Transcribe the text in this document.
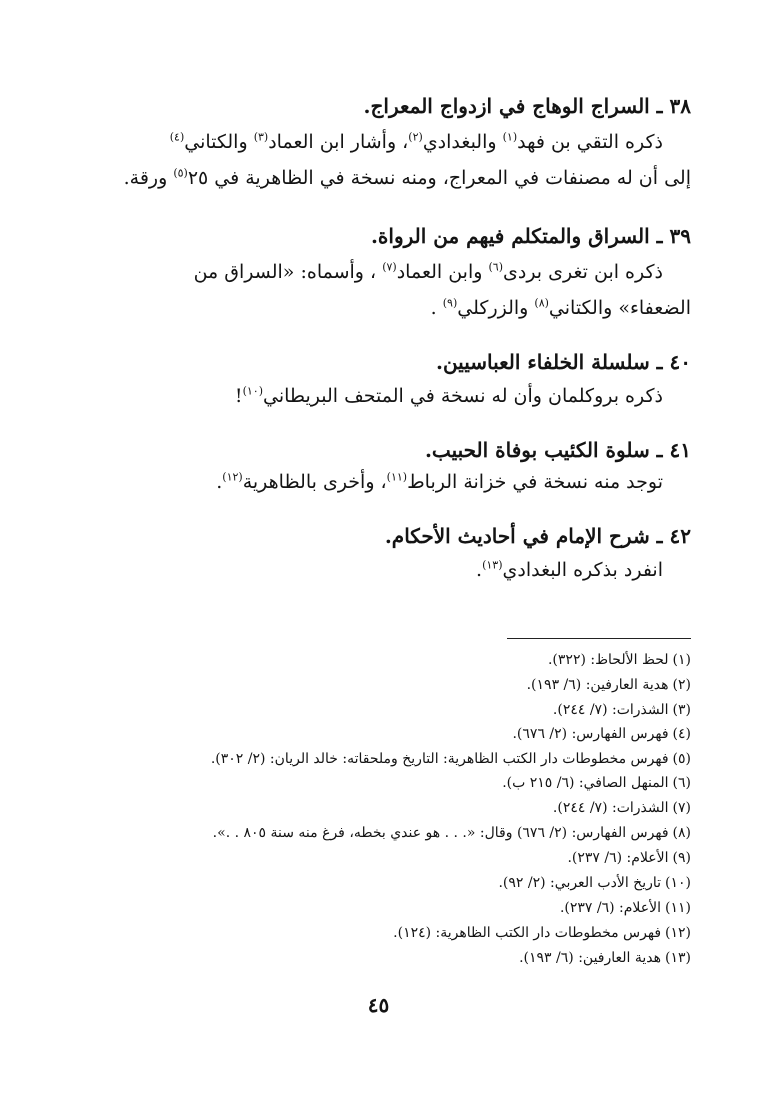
٣٨ ـ السراج الوهاج في ازدواج المعراج.
ذكره التقي بن فهد$^{(١)}$ والبغدادي$^{(٢)}$، وأشار ابن العماد$^{(٣)}$ والكتاني$^{(٤)}$
إلى أن له مصنفات في المعراج، ومنه نسخة في الظاهرية في ٢٥$^{(٥)}$ ورقة.
٣٩ ـ السراق والمتكلم فيهم من الرواة.
ذكره ابن تغرى بردى$^{(٦)}$ وابن العماد$^{(٧)}$ ، وأسماه: «السراق من
الضعفاء» والكتاني$^{(٨)}$ والزركلي$^{(٩)}$ .
٤٠ ـ سلسلة الخلفاء العباسيين.
ذكره بروكلمان وأن له نسخة في المتحف البريطاني$^{(١٠)}$!
٤١ ـ سلوة الكئيب بوفاة الحبيب.
توجد منه نسخة في خزانة الرباط$^{(١١)}$، وأخرى بالظاهرية$^{(١٢)}$.
٤٢ ـ شرح الإمام في أحاديث الأحكام.
انفرد بذكره البغدادي$^{(١٣)}$.
(١)لحظ الألحاظ: (٣٢٢).
(٢)هدية العارفين: (٦/ ١٩٣).
(٣)الشذرات: (٧/ ٢٤٤).
(٤)فهرس الفهارس: (٢/ ٦٧٦).
(٥)فهرس مخطوطات دار الكتب الظاهرية: التاريخ وملحقاته: خالد الريان: (٢/ ٣٠٢).
(٦)المنهل الصافي: (٦/ ٢١٥ ب).
(٧)الشذرات: (٧/ ٢٤٤).
(٨)فهرس الفهارس: (٢/ ٦٧٦) وقال: «. . . هو عندي بخطه، فرغ منه سنة ٨٠٥ . .».
(٩)الأعلام: (٦/ ٢٣٧).
(١٠)تاريخ الأدب العربي: (٢/ ٩٢).
(١١)الأعلام: (٦/ ٢٣٧).
(١٢)فهرس مخطوطات دار الكتب الظاهرية: (١٢٤).
(١٣)هدية العارفين: (٦/ ١٩٣).
٤٥
